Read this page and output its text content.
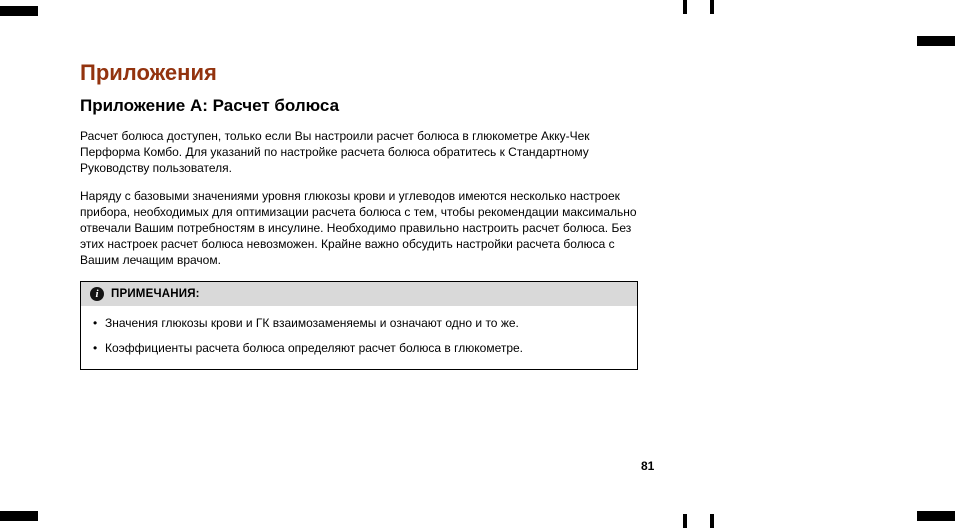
Приложения
Приложение A: Расчет болюса

Расчет болюса доступен, только если Вы настроили расчет болюса в глюкометре Акку-Чек Перформа Комбо. Для указаний по настройке расчета болюса обратитесь к Стандартному Руководству пользователя.

Наряду с базовыми значениями уровня глюкозы крови и углеводов имеются несколько настроек прибора, необходимых для оптимизации расчета болюса с тем, чтобы рекомендации максимально отвечали Вашим потребностям в инсулине. Необходимо правильно настроить расчет болюса. Без этих настроек расчет болюса невозможен. Крайне важно обсудить настройки расчета болюса с Вашим лечащим врачом.

i	ПРИМЕЧАНИЯ:
• Значения глюкозы крови и ГК взаимозаменяемы и означают одно и то же.
• Коэффициенты расчета болюса определяют расчет болюса в глюкометре.
81
